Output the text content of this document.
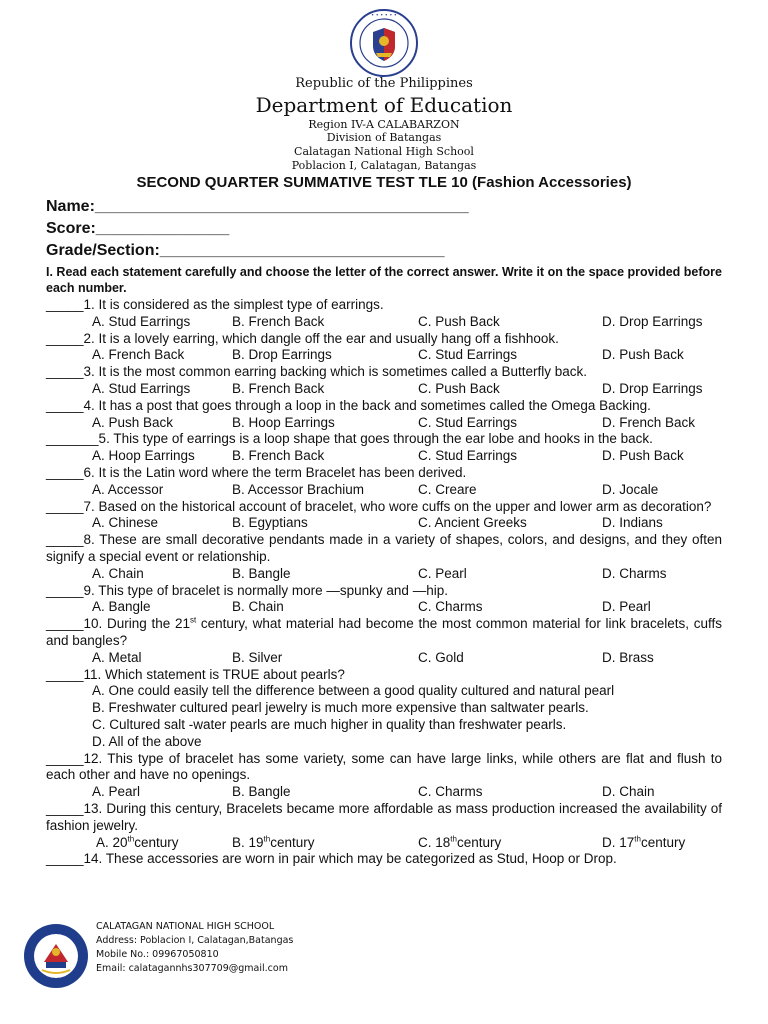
• • • • • •
Republic of the Philippines
Department of Education
Region IV-A CALABARZON
Division of Batangas
Calatagan National High School
Poblacion I, Calatagan, Batangas
SECOND QUARTER SUMMATIVE TEST TLE 10 (Fashion Accessories)
Name:__________________________________________
Score:_______________
Grade/Section:________________________________
I. Read each statement carefully and choose the letter of the correct answer. Write it on the space provided before each number.

_____1. It is considered as the simplest type of earrings.

A. Stud Earrings	B. French Back	C. Push Back	D. Drop Earrings

_____2. It is a lovely earring, which dangle off the ear and usually hang off a fishhook.

A. French Back	B. Drop Earrings	C. Stud Earrings	D. Push Back

_____3. It is the most common earring backing which is sometimes called a Butterfly back.

A. Stud Earrings	B. French Back	C. Push Back	D. Drop Earrings

_____4. It has a post that goes through a loop in the back and sometimes called the Omega Backing.

A. Push Back	B. Hoop Earrings	C. Stud Earrings	D. French Back

_______5. This type of earrings is a loop shape that goes through the ear lobe and hooks in the back.

A. Hoop Earrings	B. French Back	C. Stud Earrings	D. Push Back

_____6. It is the Latin word where the term Bracelet has been derived.

A. Accessor	B. Accessor Brachium	C. Creare	D. Jocale

_____7. Based on the historical account of bracelet, who wore cuffs on the upper and lower arm as decoration?

A. Chinese	B. Egyptians	C. Ancient Greeks	D. Indians

_____8. These are small decorative pendants made in a variety of shapes, colors, and designs, and they often signify a special event or relationship.

A. Chain	B. Bangle	C. Pearl	D. Charms

_____9. This type of bracelet is normally more —spunky and —hip.

A. Bangle	B. Chain	C. Charms	D. Pearl

_____10. During the 21st century, what material had become the most common material for link bracelets, cuffs and bangles?

A. Metal	B. Silver	C. Gold	D. Brass

_____11. Which statement is TRUE about pearls?

A. One could easily tell the difference between a good quality cultured and natural pearl

B. Freshwater cultured pearl jewelry is much more expensive than saltwater pearls.

C. Cultured salt -water pearls are much higher in quality than freshwater pearls.

D. All of the above

_____12. This type of bracelet has some variety, some can have large links, while others are flat and flush to each other and have no openings.

A. Pearl	B. Bangle	C. Charms	D. Chain

_____13. During this century, Bracelets became more affordable as mass production increased the availability of fashion jewelry.

A. 20thcentury	B. 19thcentury	C. 18thcentury	D. 17thcentury

_____14. These accessories are worn in pair which may be categorized as Stud, Hoop or Drop.

CALATAGAN NATIONAL HIGH SCHOOL
Address: Poblacion I, Calatagan,Batangas
Mobile No.: 09967050810
Email: calatagannhs307709@gmail.com
